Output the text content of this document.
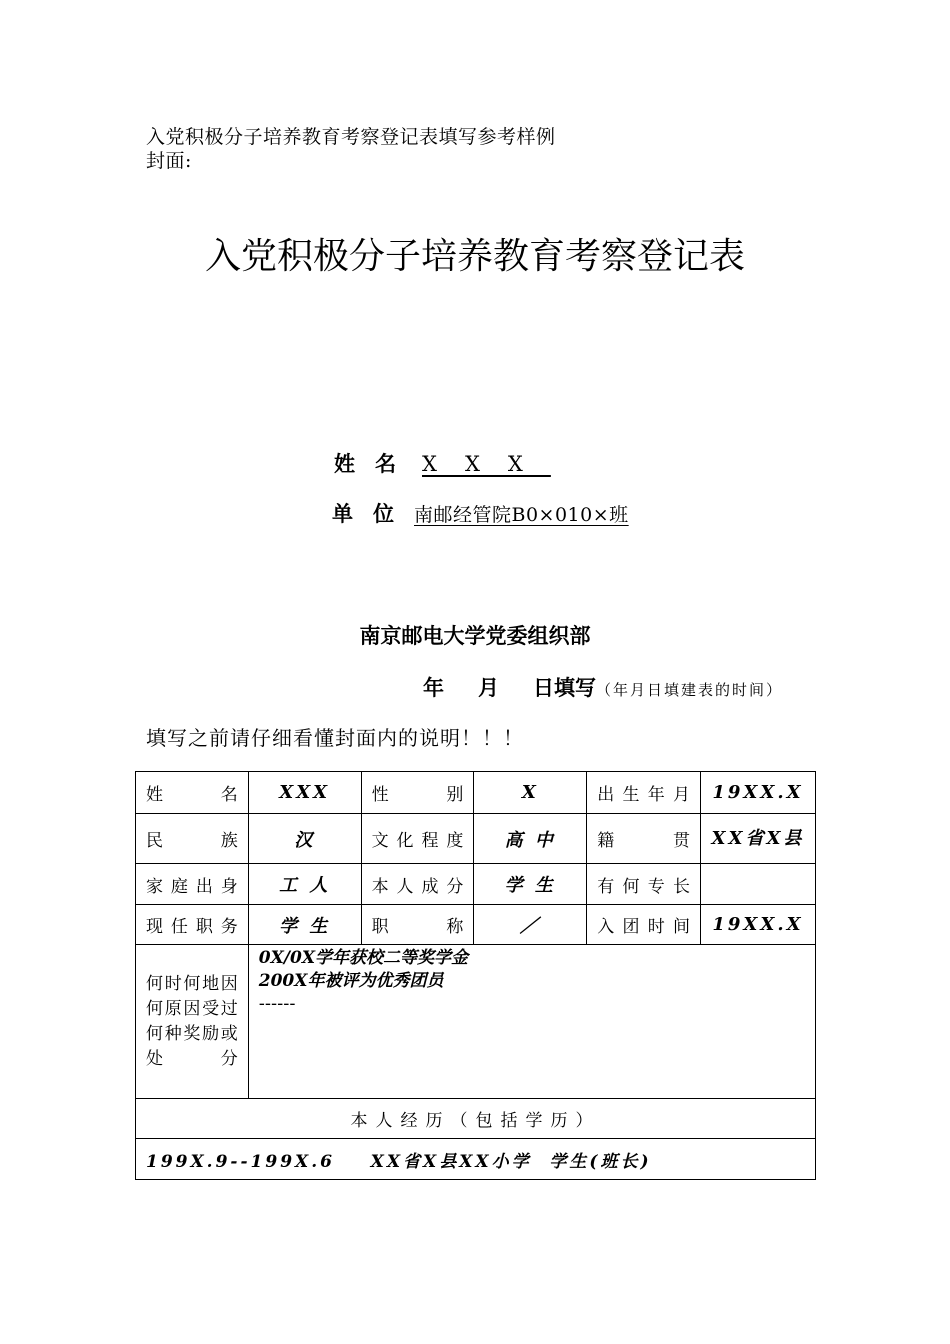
入党积极分子培养教育考察登记表填写参考样例
封面:
入党积极分子培养教育考察登记表
姓名 XXX
单位南邮经管院B0×010×班
南京邮电大学党委组织部
年 月 日填写（年月日填建表的时间）
填写之前请仔细看懂封面内的说明！！！
姓 名	XXX	性 别	X	出生年月	19XX.X
民 族	汉	文化程度	高 中	籍 贯	XX省X县
家庭出身	工 人	本人成分	学 生	有何专长	
现任职务	学 生	职 称	／	入团时间	19XX.X
何时何地因何原因受过何种奖励或处分	0X/0X学年获校二等奖学金
200X年被评为优秀团员
------				

本人经历（包括学历）					
199X.9--199X.6    XX省X县XX小学  学生(班长)					
